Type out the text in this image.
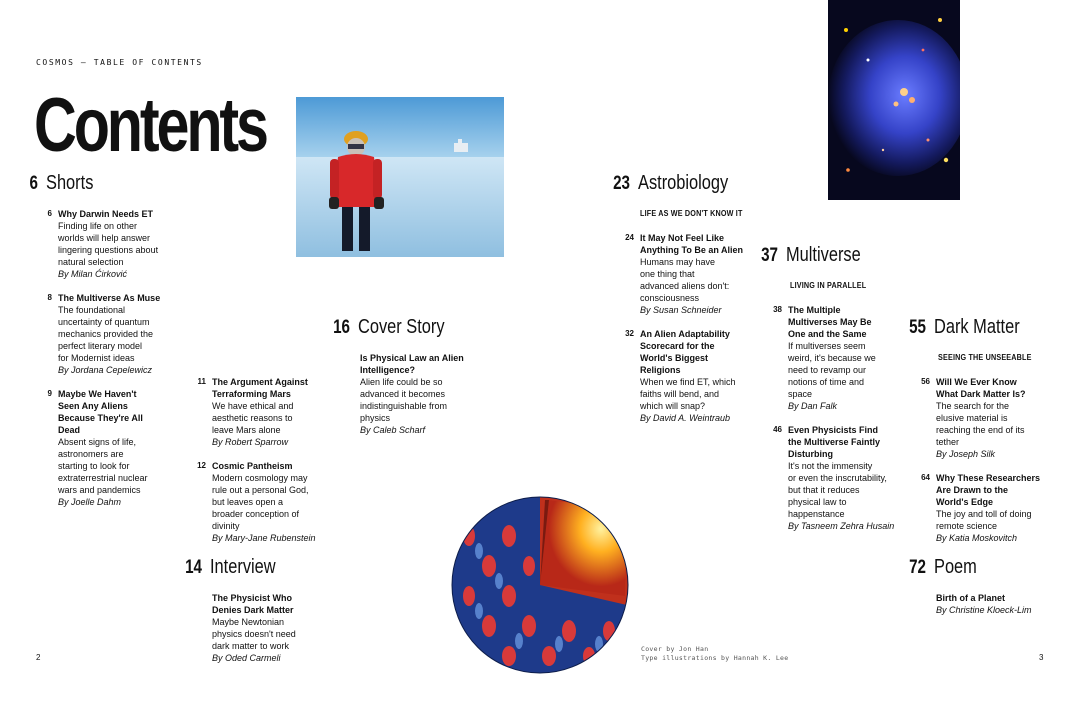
COSMOS — TABLE OF CONTENTS
Contents
6 Shorts
16 Cover Story
14 Interview
23 Astrobiology
LIFE AS WE DON'T KNOW IT
37 Multiverse
LIVING IN PARALLEL
55 Dark Matter
SEEING THE UNSEEABLE
72 Poem
6 Why Darwin Needs ET
Finding life on other
worlds will help answer
lingering questions about
natural selection
By Milan Ćirković
8 The Multiverse As Muse
The foundational
uncertainty of quantum
mechanics provided the
perfect literary model
for Modernist ideas
By Jordana Cepelewicz
9 Maybe We Haven't
Seen Any Aliens
Because They're All
Dead
Absent signs of life,
astronomers are
starting to look for
extraterrestrial nuclear
wars and pandemics
By Joelle Dahm
11 The Argument Against
Terraforming Mars
We have ethical and
aesthetic reasons to
leave Mars alone
By Robert Sparrow
12 Cosmic Pantheism
Modern cosmology may
rule out a personal God,
but leaves open a
broader conception of
divinity
By Mary-Jane Rubenstein
The Physicist Who
Denies Dark Matter
Maybe Newtonian
physics doesn't need
dark matter to work
By Oded Carmeli
Is Physical Law an Alien
Intelligence?
Alien life could be so
advanced it becomes
indistinguishable from
physics
By Caleb Scharf
24 It May Not Feel Like
Anything To Be an Alien
Humans may have
one thing that
advanced aliens don't:
consciousness
By Susan Schneider
32 An Alien Adaptability
Scorecard for the
World's Biggest
Religions
When we find ET, which
faiths will bend, and
which will snap?
By David A. Weintraub
38 The Multiple
Multiverses May Be
One and the Same
If multiverses seem
weird, it's because we
need to revamp our
notions of time and
space
By Dan Falk
46 Even Physicists Find
the Multiverse Faintly
Disturbing
It's not the immensity
or even the inscrutability,
but that it reduces
physical law to
happenstance
By Tasneem Zehra Husain
56 Will We Ever Know
What Dark Matter Is?
The search for the
elusive material is
reaching the end of its
tether
By Joseph Silk
64 Why These Researchers
Are Drawn to the
World's Edge
The joy and toll of doing
remote science
By Katia Moskovitch
Birth of a Planet
By Christine Kloeck-Lim
2	3
Cover by Jon Han
Type illustrations by Hannah K. Lee
